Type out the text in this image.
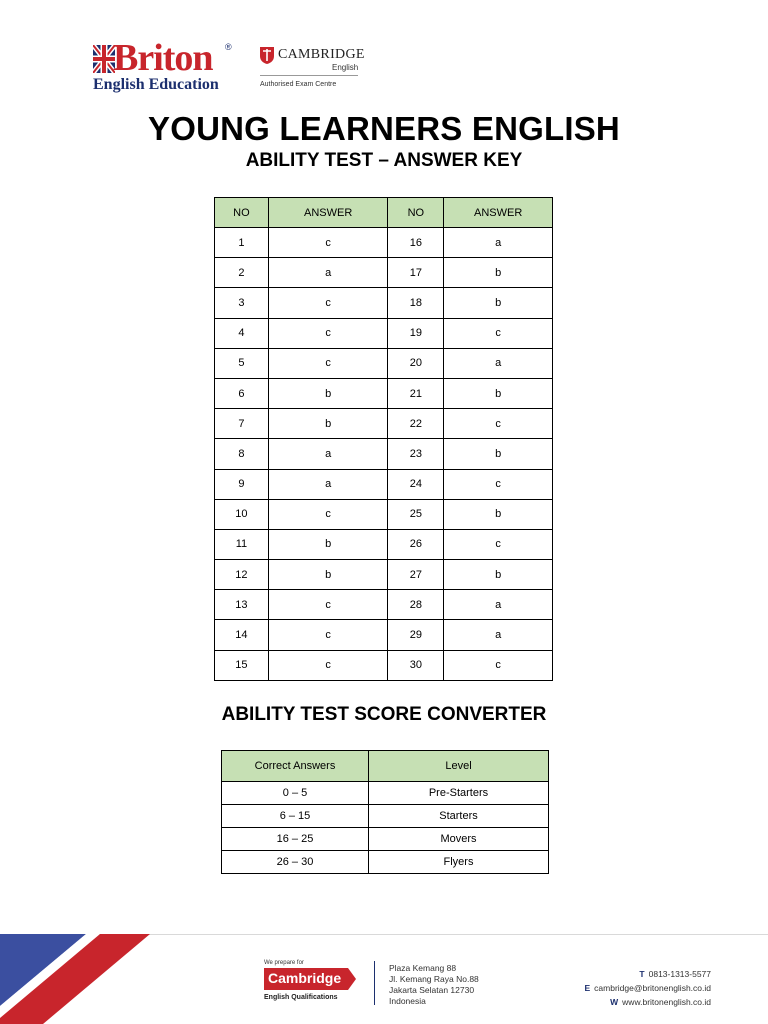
Briton ®
English Education
CAMBRIDGE
English
Authorised Exam Centre
YOUNG LEARNERS ENGLISH
ABILITY TEST – ANSWER KEY
NO	ANSWER	NO	ANSWER
1	c	16	a
2	a	17	b
3	c	18	b
4	c	19	c
5	c	20	a
6	b	21	b
7	b	22	c
8	a	23	b
9	a	24	c
10	c	25	b
11	b	26	c
12	b	27	b
13	c	28	a
14	c	29	a
15	c	30	c
ABILITY TEST SCORE CONVERTER
Correct Answers	Level
0 – 5	Pre-Starters
6 – 15	Starters
16 – 25	Movers
26 – 30	Flyers
We prepare for
Cambridge
English Qualifications
Plaza Kemang 88
Jl. Kemang Raya No.88
Jakarta Selatan 12730
Indonesia
T 0813-1313-5577
E cambridge@britonenglish.co.id
W www.britonenglish.co.id
